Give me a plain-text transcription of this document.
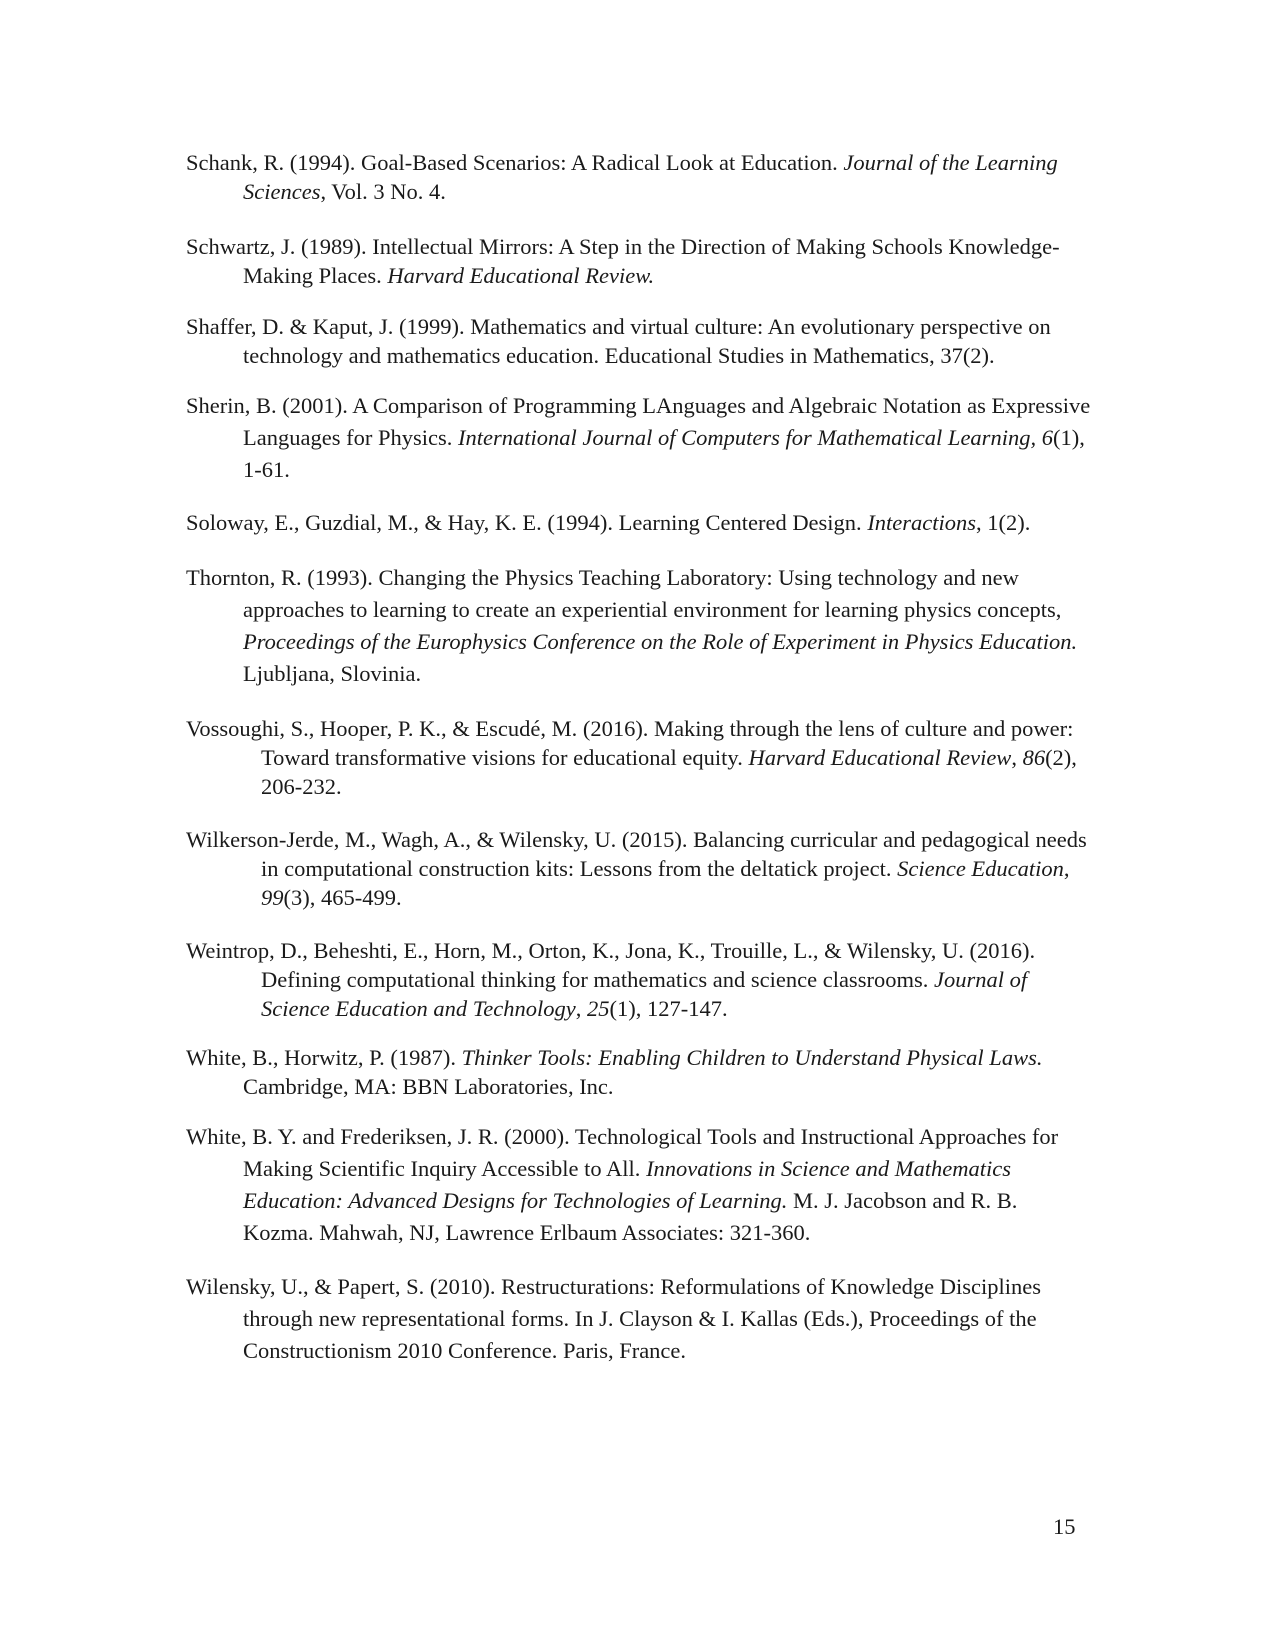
Schank, R. (1994). Goal-Based Scenarios: A Radical Look at Education. Journal of the Learning Sciences, Vol. 3 No. 4.

Schwartz, J. (1989). Intellectual Mirrors: A Step in the Direction of Making Schools Knowledge-Making Places. Harvard Educational Review.

Shaffer, D. & Kaput, J. (1999). Mathematics and virtual culture: An evolutionary perspective on technology and mathematics education. Educational Studies in Mathematics, 37(2).

Sherin, B. (2001). A Comparison of Programming LAnguages and Algebraic Notation as Expressive Languages for Physics. International Journal of Computers for Mathematical Learning, 6(1), 1-61.

Soloway, E., Guzdial, M., & Hay, K. E. (1994). Learning Centered Design. Interactions, 1(2).

Thornton, R. (1993). Changing the Physics Teaching Laboratory: Using technology and new approaches to learning to create an experiential environment for learning physics concepts, Proceedings of the Europhysics Conference on the Role of Experiment in Physics Education. Ljubljana, Slovinia.

Vossoughi, S., Hooper, P. K., & Escudé, M. (2016). Making through the lens of culture and power: Toward transformative visions for educational equity. Harvard Educational Review, 86(2), 206-232.

Wilkerson-Jerde, M., Wagh, A., & Wilensky, U. (2015). Balancing curricular and pedagogical needs in computational construction kits: Lessons from the deltatick project. Science Education, 99(3), 465-499.

Weintrop, D., Beheshti, E., Horn, M., Orton, K., Jona, K., Trouille, L., & Wilensky, U. (2016). Defining computational thinking for mathematics and science classrooms. Journal of Science Education and Technology, 25(1), 127-147.

White, B., Horwitz, P. (1987). Thinker Tools: Enabling Children to Understand Physical Laws. Cambridge, MA: BBN Laboratories, Inc.

White, B. Y. and Frederiksen, J. R. (2000). Technological Tools and Instructional Approaches for Making Scientific Inquiry Accessible to All. Innovations in Science and Mathematics Education: Advanced Designs for Technologies of Learning. M. J. Jacobson and R. B. Kozma. Mahwah, NJ, Lawrence Erlbaum Associates: 321-360.

Wilensky, U., & Papert, S. (2010). Restructurations: Reformulations of Knowledge Disciplines through new representational forms. In J. Clayson & I. Kallas (Eds.), Proceedings of the Constructionism 2010 Conference. Paris, France.

15
